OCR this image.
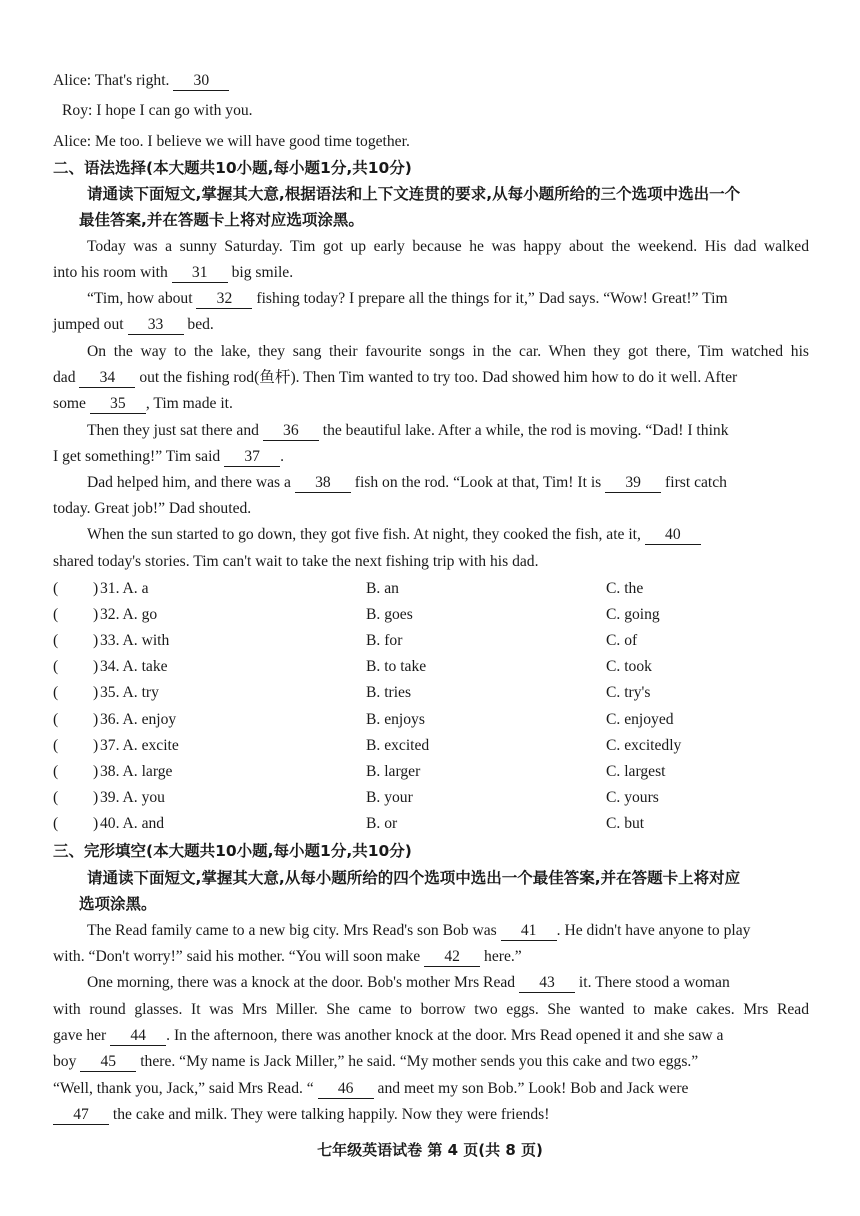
Alice: That's right. 30
Roy: I hope I can go with you.
Alice: Me too. I believe we will have good time together.
二、语法选择(本大题共10小题,每小题1分,共10分)
请通读下面短文,掌握其大意,根据语法和上下文连贯的要求,从每小题所给的三个选项中选出一个
最佳答案,并在答题卡上将对应选项涂黑。
Today was a sunny Saturday. Tim got up early because he was happy about the weekend. His dad walked
into his room with 31 big smile.
“Tim, how about 32 fishing today? I prepare all the things for it,” Dad says. “Wow! Great!” Tim
jumped out 33 bed.
On the way to the lake, they sang their favourite songs in the car. When they got there, Tim watched his
dad 34 out the fishing rod(鱼杆). Then Tim wanted to try too. Dad showed him how to do it well. After
some 35 , Tim made it.
Then they just sat there and 36 the beautiful lake. After a while, the rod is moving. “Dad! I think
I get something!” Tim said 37 .
Dad helped him, and there was a 38 fish on the rod. “Look at that, Tim! It is 39 first catch
today. Great job!” Dad shouted.
When the sun started to go down, they got five fish. At night, they cooked the fish, ate it, 40
shared today's stories. Tim can't wait to take the next fishing trip with his dad.
( ) 31. A. a	B. an	C. the
( ) 32. A. go	B. goes	C. going
( ) 33. A. with	B. for	C. of
( ) 34. A. take	B. to take	C. took
( ) 35. A. try	B. tries	C. try's
( ) 36. A. enjoy	B. enjoys	C. enjoyed
( ) 37. A. excite	B. excited	C. excitedly
( ) 38. A. large	B. larger	C. largest
( ) 39. A. you	B. your	C. yours
( ) 40. A. and	B. or	C. but
三、完形填空(本大题共10小题,每小题1分,共10分)
请通读下面短文,掌握其大意,从每小题所给的四个选项中选出一个最佳答案,并在答题卡上将对应
选项涂黑。
The Read family came to a new big city. Mrs Read's son Bob was 41 . He didn't have anyone to play
with. “Don't worry!” said his mother. “You will soon make 42 here.”
One morning, there was a knock at the door. Bob's mother Mrs Read 43 it. There stood a woman
with round glasses. It was Mrs Miller. She came to borrow two eggs. She wanted to make cakes. Mrs Read
gave her 44 . In the afternoon, there was another knock at the door. Mrs Read opened it and she saw a
boy 45 there. “My name is Jack Miller,” he said. “My mother sends you this cake and two eggs.”
“Well, thank you, Jack,” said Mrs Read. “ 46 and meet my son Bob.” Look! Bob and Jack were
47 the cake and milk. They were talking happily. Now they were friends!
七年级英语试卷 第 4 页(共 8 页)
